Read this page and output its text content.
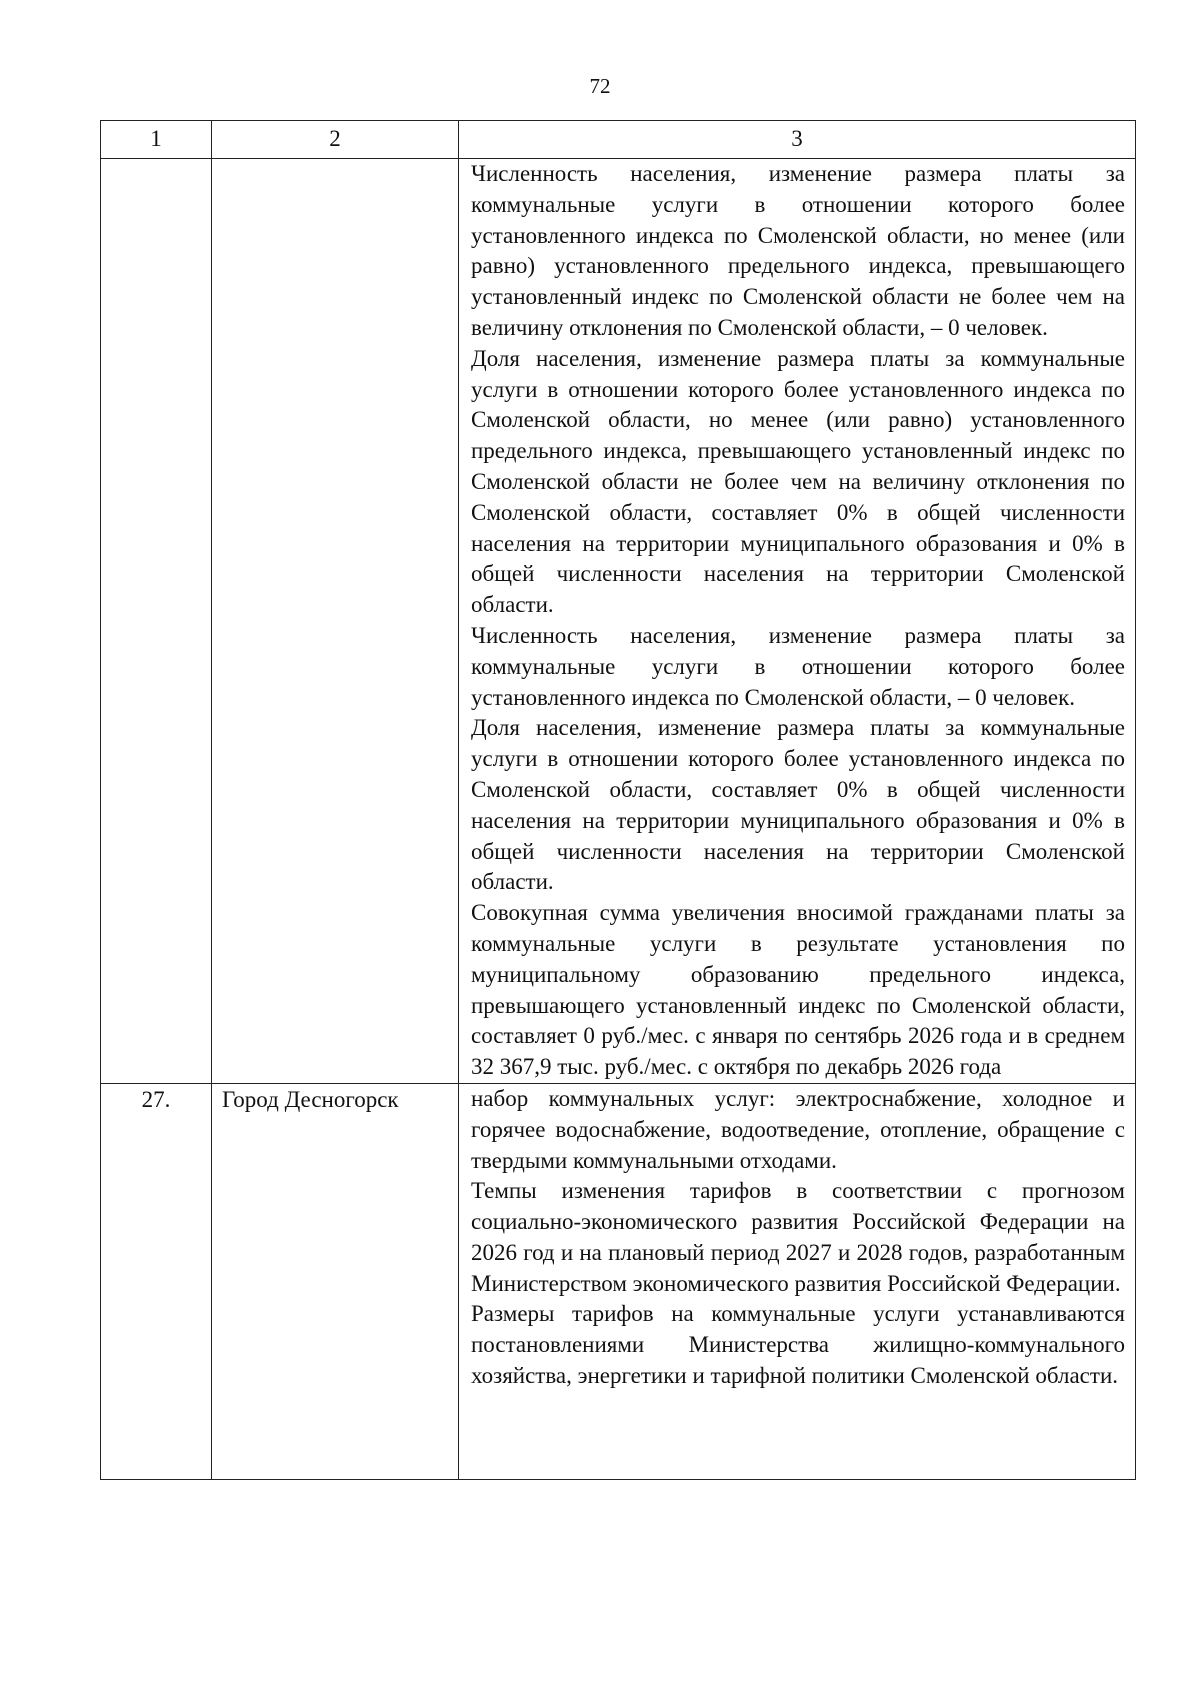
72
1	2	3

		Численность населения, изменение размера платы за коммунальные услуги в отношении которого более установленного индекса по Смоленской области, но менее (или равно) установленного предельного индекса, превышающего установленный индекс по Смоленской области не более чем на величину отклонения по Смоленской области, – 0 человек.

Доля населения, изменение размера платы за коммунальные услуги в отношении которого более установленного индекса по Смоленской области, но менее (или равно) установленного предельного индекса, превышающего установленный индекс по Смоленской области не более чем на величину отклонения по Смоленской области, составляет 0% в общей численности населения на территории муниципального образования и 0% в общей численности населения на территории Смоленской области.

Численность населения, изменение размера платы за коммунальные услуги в отношении которого более установленного индекса по Смоленской области, – 0 человек.

Доля населения, изменение размера платы за коммунальные услуги в отношении которого более установленного индекса по Смоленской области, составляет 0% в общей численности населения на территории муниципального образования и 0% в общей численности населения на территории Смоленской области.

Совокупная сумма увеличения вносимой гражданами платы за коммунальные услуги в результате установления по муниципальному образованию предельного индекса, превышающего установленный индекс по Смоленской области, составляет 0 руб./мес. с января по сентябрь 2026 года и в среднем 32 367,9 тыс. руб./мес. с октября по декабрь 2026 года

27.	Город Десногорск	набор коммунальных услуг: электроснабжение, холодное и горячее водоснабжение, водоотведение, отопление, обращение с твердыми коммунальными отходами.

Темпы изменения тарифов в соответствии с прогнозом социально-экономического развития Российской Федерации на 2026 год и на плановый период 2027 и 2028 годов, разработанным Министерством экономического развития Российской Федерации.

Размеры тарифов на коммунальные услуги устанавливаются постановлениями Министерства жилищно-коммунального хозяйства, энергетики и тарифной политики Смоленской области.
